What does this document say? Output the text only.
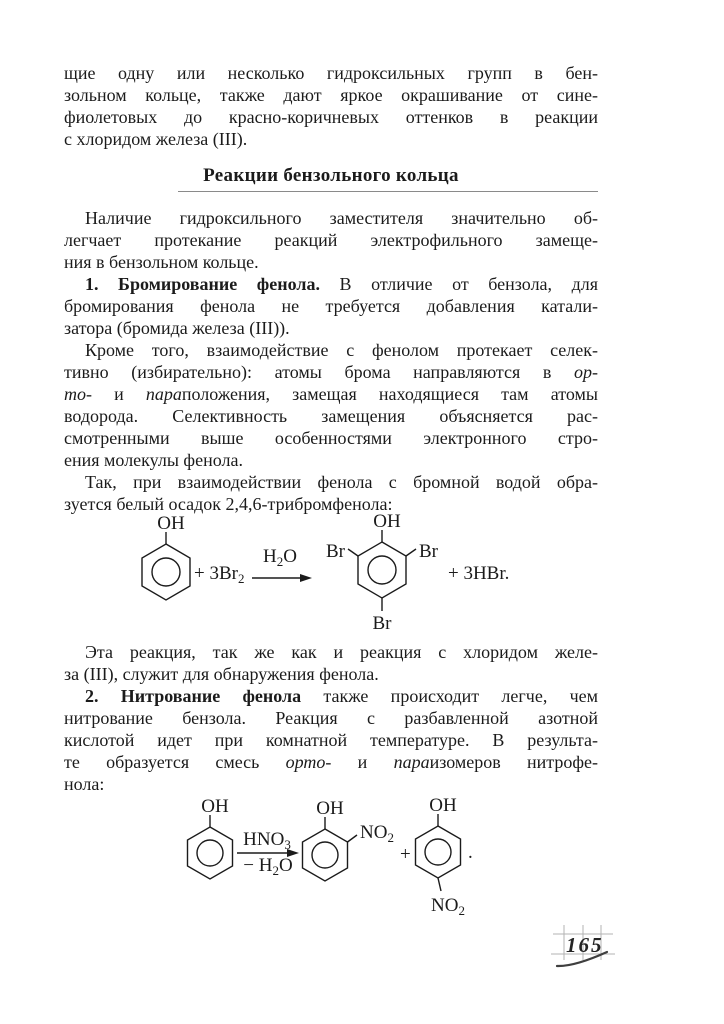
щие одну или несколько гидроксильных групп в бен-
зольном кольце, также дают яркое окрашивание от сине-
фиолетовых до красно-коричневых оттенков в реакции
с хлоридом железа (III).
Реакции бензольного кольца
Наличие гидроксильного заместителя значительно об-
легчает протекание реакций электрофильного замеще-
ния в бензольном кольце.
1. Бромирование фенола. В отличие от бензола, для
бромирования фенола не требуется добавления катали-
затора (бромида железа (III)).
Кроме того, взаимодействие с фенолом протекает селек-
тивно (избирательно): атомы брома направляются в ор-
то- и параположения, замещая находящиеся там атомы
водорода. Селективность замещения объясняется рас-
смотренными выше особенностями электронного стро-
ения молекулы фенола.
Так, при взаимодействии фенола с бромной водой обра-
зуется белый осадок 2,4,6-трибромфенола:
OH
+ $3Br_2$
$H_2O$
OH
Br	Br
Br
+ 3HBr.
Эта реакция, так же как и реакция с хлоридом желе-
за (III), служит для обнаружения фенола.
2. Нитрование фенола также происходит легче, чем
нитрование бензола. Реакция с разбавленной азотной
кислотой идет при комнатной температуре. В результа-
те образуется смесь орто- и параизомеров нитрофе-
нола:
OH
$HNO_3$
− $H_2O$
OH
$NO_2$
+
OH
$NO_2$
.
165
